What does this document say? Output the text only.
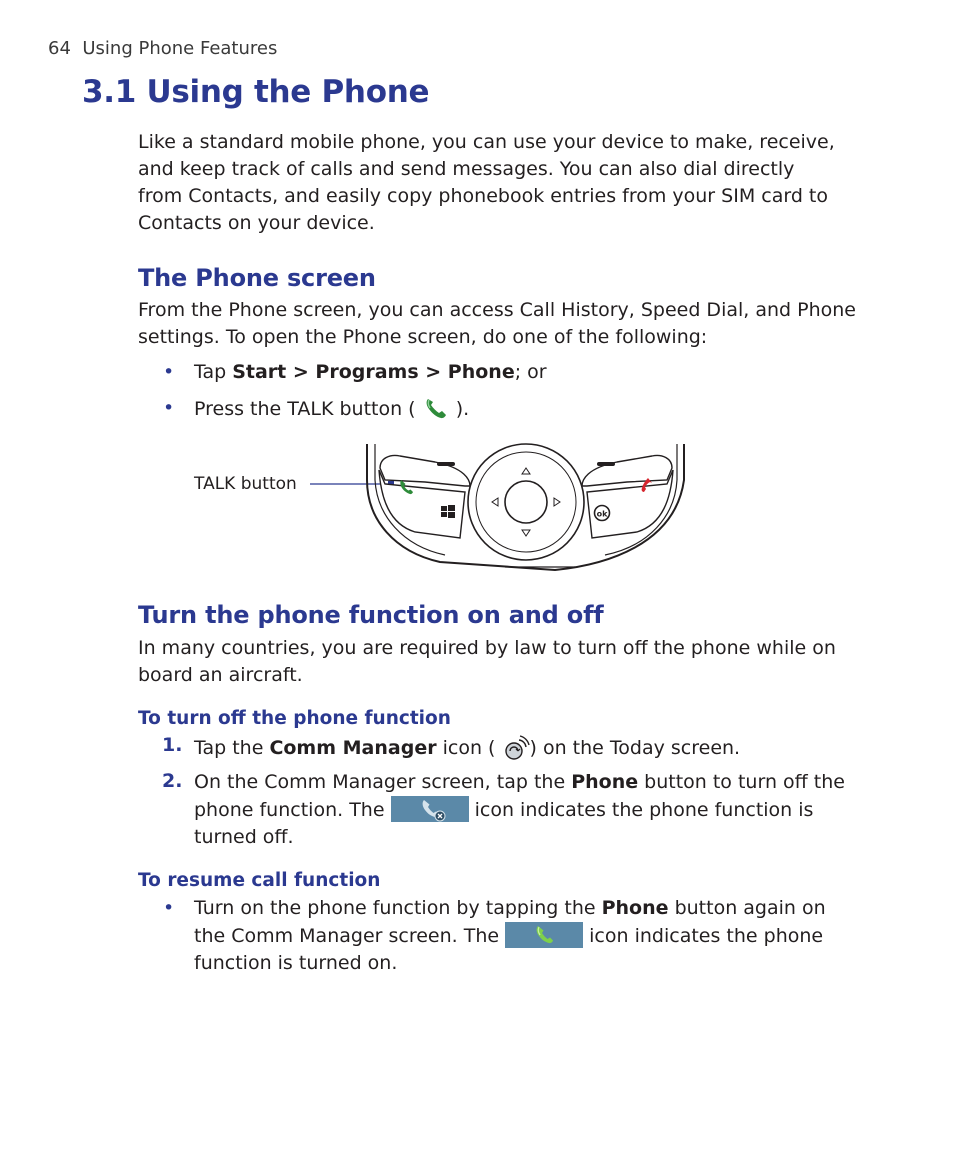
64 Using Phone Features
3.1 Using the Phone
Like a standard mobile phone, you can use your device to make, receive,
and keep track of calls and send messages. You can also dial directly
from Contacts, and easily copy phonebook entries from your SIM card to
Contacts on your device.
The Phone screen
From the Phone screen, you can access Call History, Speed Dial, and Phone
settings. To open the Phone screen, do one of the following:
• Tap Start > Programs > Phone; or
• Press the TALK button ( ).
TALK button
ok
Turn the phone function on and off
In many countries, you are required by law to turn off the phone while on
board an aircraft.
To turn off the phone function
1. Tap the Comm Manager icon ( ) on the Today screen.
2. On the Comm Manager screen, tap the Phone button to turn off the
phone function. The	icon indicates the phone function is
turned off.
To resume call function
• Turn on the phone function by tapping the Phone button again on
the Comm Manager screen. The	icon indicates the phone
function is turned on.
